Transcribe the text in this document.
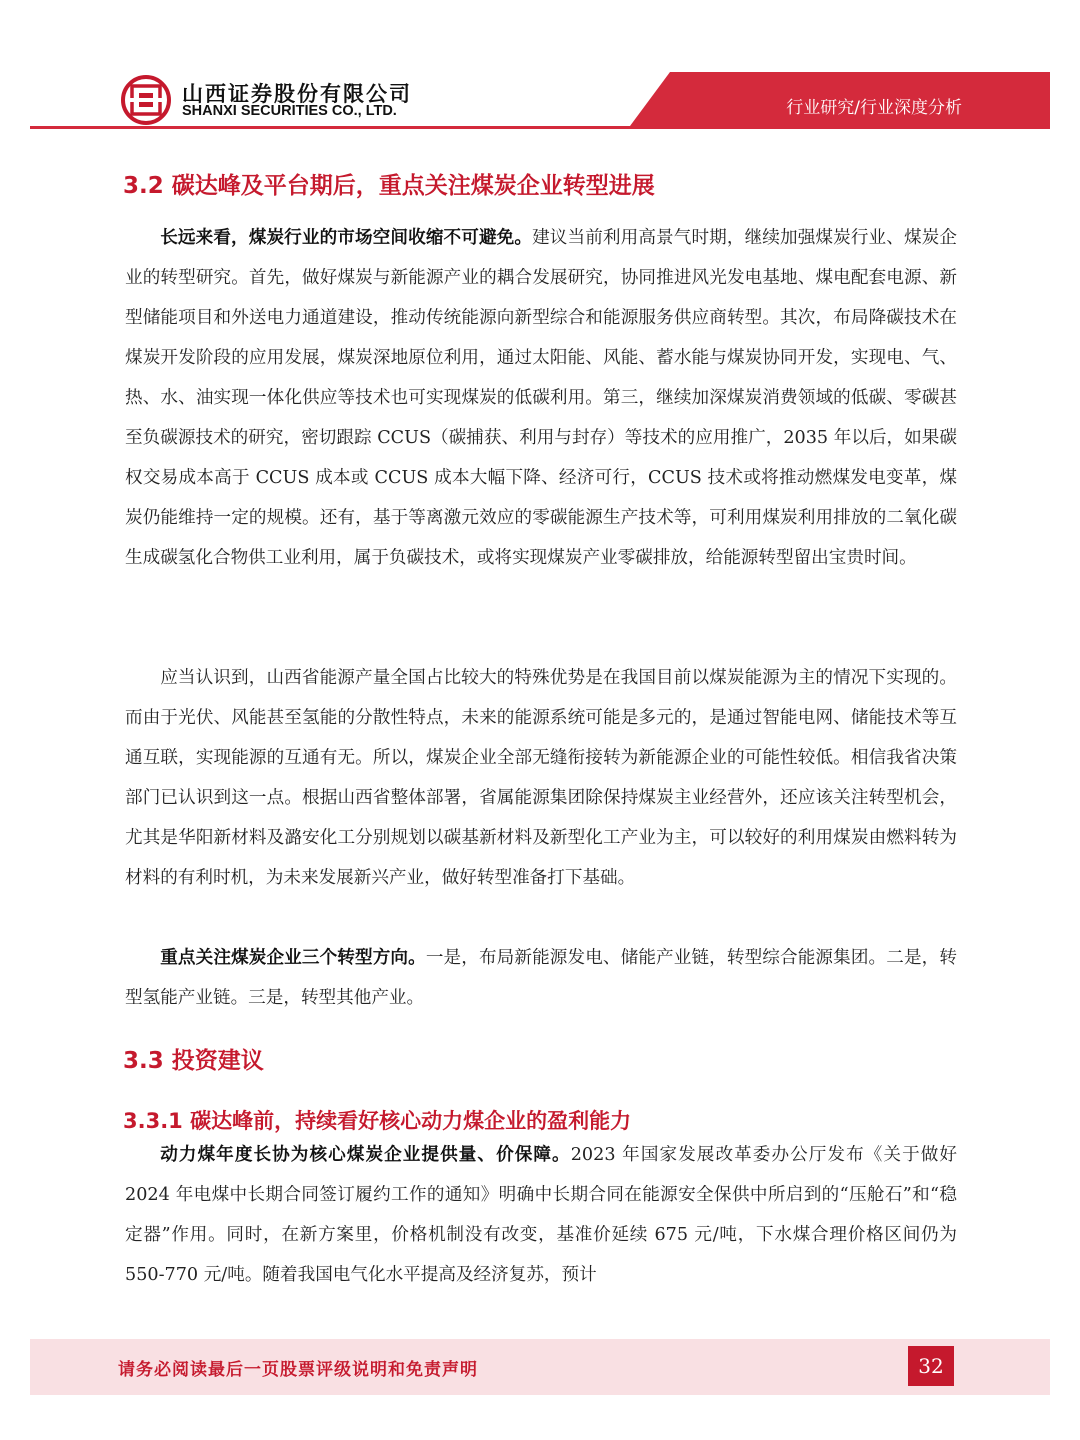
山西证券股份有限公司
SHANXI SECURITIES CO., LTD.	行业研究/行业深度分析
3.2 碳达峰及平台期后，重点关注煤炭企业转型进展

长远来看，煤炭行业的市场空间收缩不可避免。建议当前利用高景气时期，继续加强煤炭行业、煤炭企业的转型研究。首先，做好煤炭与新能源产业的耦合发展研究，协同推进风光发电基地、煤电配套电源、新型储能项目和外送电力通道建设，推动传统能源向新型综合和能源服务供应商转型。其次，布局降碳技术在煤炭开发阶段的应用发展，煤炭深地原位利用，通过太阳能、风能、蓄水能与煤炭协同开发，实现电、气、热、水、油实现一体化供应等技术也可实现煤炭的低碳利用。第三，继续加深煤炭消费领域的低碳、零碳甚至负碳源技术的研究，密切跟踪 CCUS（碳捕获、利用与封存）等技术的应用推广，2035 年以后，如果碳权交易成本高于 CCUS 成本或 CCUS 成本大幅下降、经济可行，CCUS 技术或将推动燃煤发电变革，煤炭仍能维持一定的规模。还有，基于等离激元效应的零碳能源生产技术等，可利用煤炭利用排放的二氧化碳生成碳氢化合物供工业利用，属于负碳技术，或将实现煤炭产业零碳排放，给能源转型留出宝贵时间。

应当认识到，山西省能源产量全国占比较大的特殊优势是在我国目前以煤炭能源为主的情况下实现的。而由于光伏、风能甚至氢能的分散性特点，未来的能源系统可能是多元的，是通过智能电网、储能技术等互通互联，实现能源的互通有无。所以，煤炭企业全部无缝衔接转为新能源企业的可能性较低。相信我省决策部门已认识到这一点。根据山西省整体部署，省属能源集团除保持煤炭主业经营外，还应该关注转型机会，尤其是华阳新材料及潞安化工分别规划以碳基新材料及新型化工产业为主，可以较好的利用煤炭由燃料转为材料的有利时机，为未来发展新兴产业，做好转型准备打下基础。

重点关注煤炭企业三个转型方向。一是，布局新能源发电、储能产业链，转型综合能源集团。二是，转型氢能产业链。三是，转型其他产业。

3.3 投资建议
3.3.1 碳达峰前，持续看好核心动力煤企业的盈利能力

动力煤年度长协为核心煤炭企业提供量、价保障。2023 年国家发展改革委办公厅发布《关于做好 2024 年电煤中长期合同签订履约工作的通知》明确中长期合同在能源安全保供中所启到的“压舱石”和“稳定器”作用。同时，在新方案里，价格机制没有改变，基准价延续 675 元/吨，下水煤合理价格区间仍为 550-770 元/吨。随着我国电气化水平提高及经济复苏，预计

请务必阅读最后一页股票评级说明和免责声明	32
